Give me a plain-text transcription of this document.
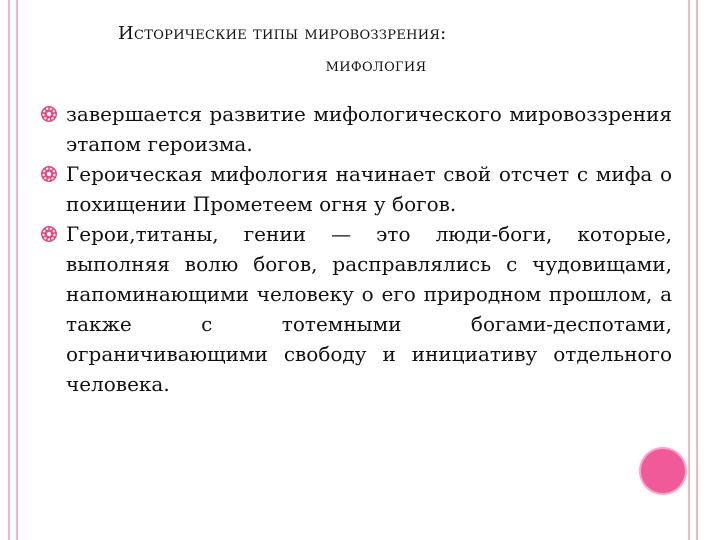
Исторические типы мировоззрения:
мифология
завершается развитие мифологического мировоззрения этапом героизма.
Героическая мифология начинает свой отсчет с мифа о похищении Прометеем огня у богов.
Герои,титаны, гении — это люди-боги, которые, выполняя волю богов, расправлялись с чудовищами, напоминающими человеку о его природном прошлом, а также с тотемными богами-деспотами, ограничивающими свободу и инициативу отдельного человека.
